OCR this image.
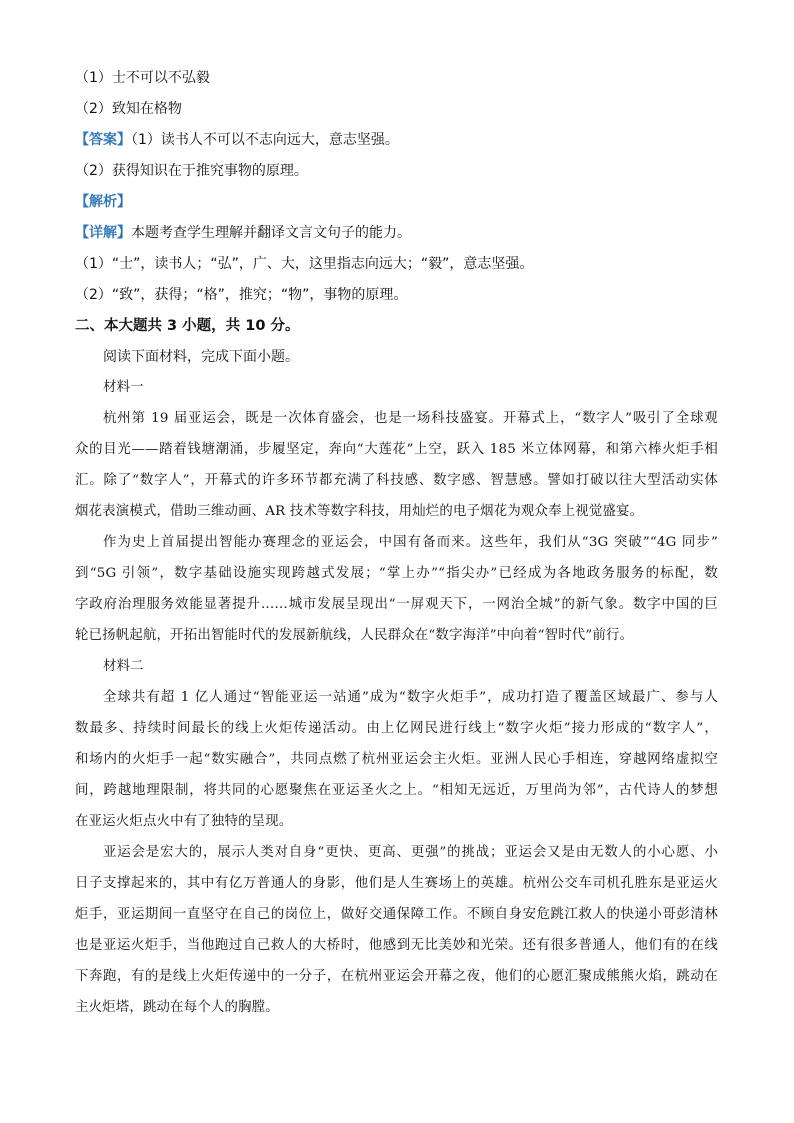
（1）士不可以不弘毅
（2）致知在格物
【答案】（1）读书人不可以不志向远大，意志坚强。
（2）获得知识在于推究事物的原理。
【解析】
【详解】本题考查学生理解并翻译文言文句子的能力。
（1）“士”，读书人；“弘”，广、大，这里指志向远大；“毅”，意志坚强。
（2）“致”，获得；“格”，推究；“物”，事物的原理。
二、本大题共 3 小题，共 10 分。
阅读下面材料，完成下面小题。
材料一
杭州第 19 届亚运会，既是一次体育盛会，也是一场科技盛宴。开幕式上，“数字人”吸引了全球观
众的目光——踏着钱塘潮涌，步履坚定，奔向“大莲花”上空，跃入 185 米立体网幕，和第六棒火炬手相
汇。除了“数字人”，开幕式的许多环节都充满了科技感、数字感、智慧感。譬如打破以往大型活动实体
烟花表演模式，借助三维动画、AR 技术等数字科技，用灿烂的电子烟花为观众奉上视觉盛宴。
作为史上首届提出智能办赛理念的亚运会，中国有备而来。这些年，我们从“3G 突破”“4G 同步”
到“5G 引领”，数字基础设施实现跨越式发展；“掌上办”“指尖办”已经成为各地政务服务的标配，数
字政府治理服务效能显著提升……城市发展呈现出“一屏观天下，一网治全城”的新气象。数字中国的巨
轮已扬帆起航，开拓出智能时代的发展新航线，人民群众在“数字海洋”中向着“智时代”前行。
材料二
全球共有超 1 亿人通过“智能亚运一站通”成为“数字火炬手”，成功打造了覆盖区域最广、参与人
数最多、持续时间最长的线上火炬传递活动。由上亿网民进行线上“数字火炬”接力形成的“数字人”，
和场内的火炬手一起“数实融合”，共同点燃了杭州亚运会主火炬。亚洲人民心手相连，穿越网络虚拟空
间，跨越地理限制，将共同的心愿聚焦在亚运圣火之上。“相知无远近，万里尚为邻”，古代诗人的梦想
在亚运火炬点火中有了独特的呈现。
亚运会是宏大的，展示人类对自身“更快、更高、更强”的挑战；亚运会又是由无数人的小心愿、小
日子支撑起来的，其中有亿万普通人的身影，他们是人生赛场上的英雄。杭州公交车司机孔胜东是亚运火
炬手，亚运期间一直坚守在自己的岗位上，做好交通保障工作。不顾自身安危跳江救人的快递小哥彭清林
也是亚运火炬手，当他跑过自己救人的大桥时，他感到无比美妙和光荣。还有很多普通人，他们有的在线
下奔跑，有的是线上火炬传递中的一分子，在杭州亚运会开幕之夜，他们的心愿汇聚成熊熊火焰，跳动在
主火炬塔，跳动在每个人的胸膛。
